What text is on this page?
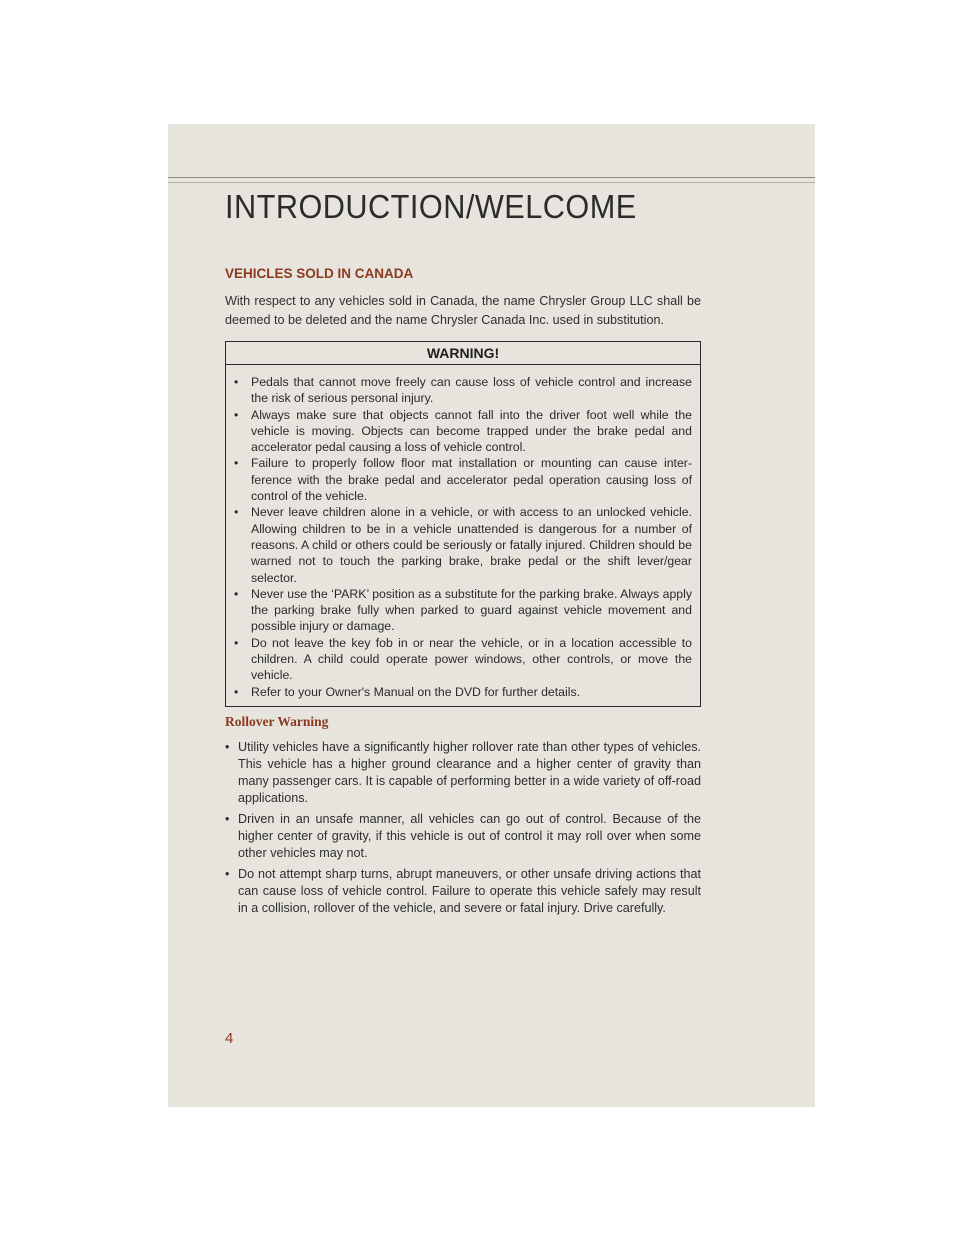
INTRODUCTION/WELCOME
VEHICLES SOLD IN CANADA
With respect to any vehicles sold in Canada, the name Chrysler Group LLC shall be deemed to be deleted and the name Chrysler Canada Inc. used in substitution.
WARNING!
• Pedals that cannot move freely can cause loss of vehicle control and increase the risk of serious personal injury.
• Always make sure that objects cannot fall into the driver foot well while the vehicle is moving. Objects can become trapped under the brake pedal and accelerator pedal causing a loss of vehicle control.
• Failure to properly follow floor mat installation or mounting can cause inter-ference with the brake pedal and accelerator pedal operation causing loss of control of the vehicle.
• Never leave children alone in a vehicle, or with access to an unlocked vehicle. Allowing children to be in a vehicle unattended is dangerous for a number of reasons. A child or others could be seriously or fatally injured. Children should be warned not to touch the parking brake, brake pedal or the shift lever/gear selector.
• Never use the ‘PARK’ position as a substitute for the parking brake. Always apply the parking brake fully when parked to guard against vehicle movement and possible injury or damage.
• Do not leave the key fob in or near the vehicle, or in a location accessible to children. A child could operate power windows, other controls, or move the vehicle.
• Refer to your Owner's Manual on the DVD for further details.
Rollover Warning
• Utility vehicles have a significantly higher rollover rate than other types of vehicles. This vehicle has a higher ground clearance and a higher center of gravity than many passenger cars. It is capable of performing better in a wide variety of off-road applications.
• Driven in an unsafe manner, all vehicles can go out of control. Because of the higher center of gravity, if this vehicle is out of control it may roll over when some other vehicles may not.
• Do not attempt sharp turns, abrupt maneuvers, or other unsafe driving actions that can cause loss of vehicle control. Failure to operate this vehicle safely may result in a collision, rollover of the vehicle, and severe or fatal injury. Drive carefully.
4
